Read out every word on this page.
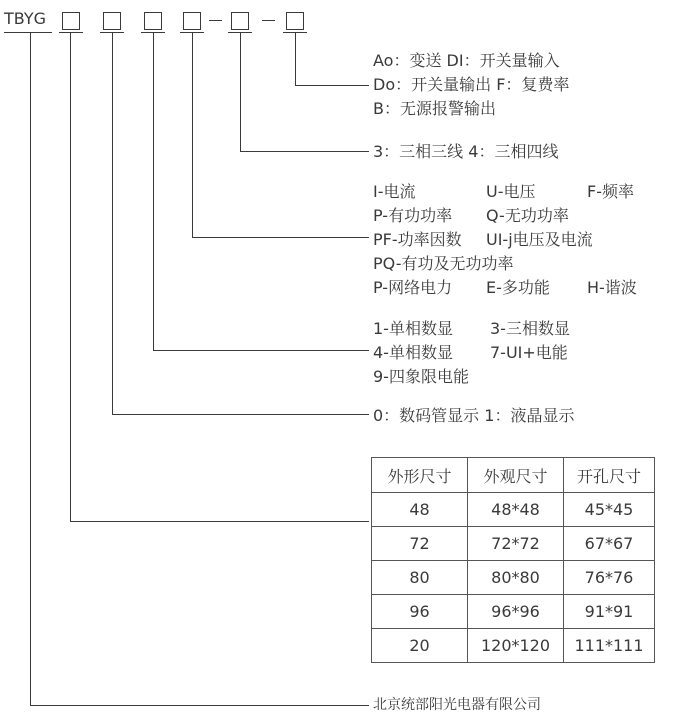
TBYG
Ao：变送 DI：开关量输入
Do：开关量输出 F：复费率
B：无源报警输出
3：三相三线 4：三相四线
I-电流	U-电压	F-频率
P-有功功率 Q-无功功率
PF-功率因数 UI-j电压及电流
PQ-有功及无功功率
P-网络电力 E-多功能 H-谐波
1-单相数显 3-三相数显
4-单相数显 7-UI+电能
9-四象限电能
0：数码管显示 1：液晶显示
外形尺寸	外观尺寸	开孔尺寸
48	48*48	45*45
72	72*72	67*67
80	80*80	76*76
96	96*96	91*91
20	120*120	111*111
北京统部阳光电器有限公司
